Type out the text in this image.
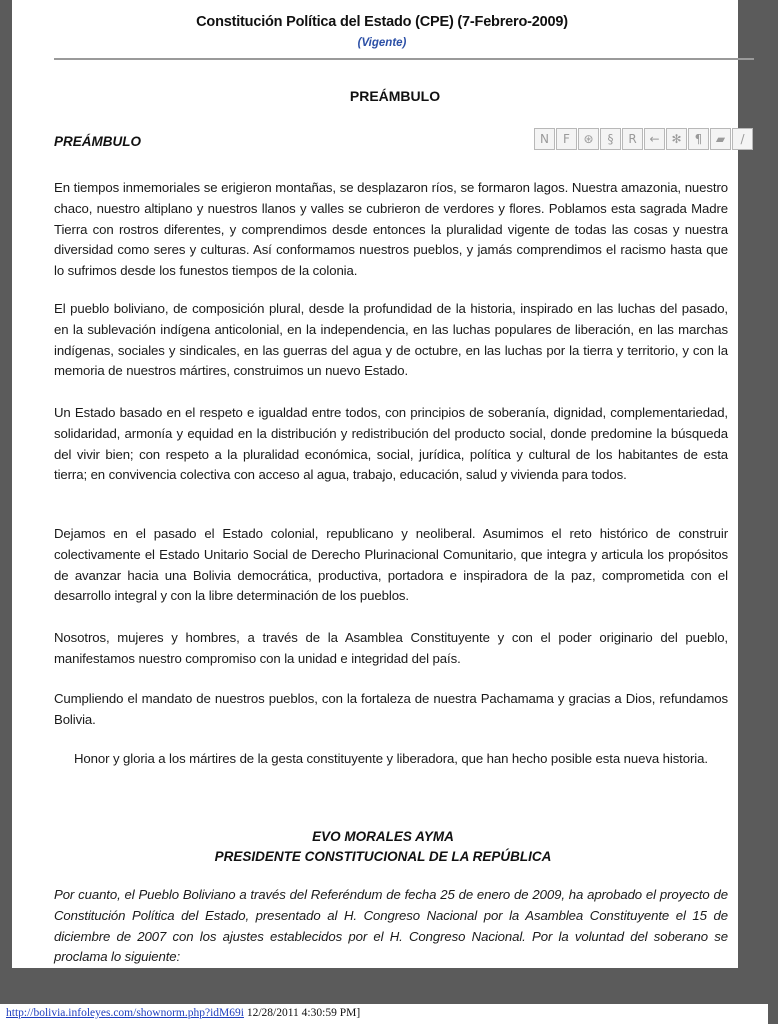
Constitución Política del Estado (CPE) (7-Febrero-2009)
(Vigente)
PREÁMBULO
PREÁMBULO	N	F	⊛	§	R	← ✻	¶	▰	/
En tiempos inmemoriales se erigieron montañas, se desplazaron ríos, se formaron lagos. Nuestra amazonia, nuestro chaco, nuestro altiplano y nuestros llanos y valles se cubrieron de verdores y flores. Poblamos esta sagrada Madre Tierra con rostros diferentes, y comprendimos desde entonces la pluralidad vigente de todas las cosas y nuestra diversidad como seres y culturas. Así conformamos nuestros pueblos, y jamás comprendimos el racismo hasta que lo sufrimos desde los funestos tiempos de la colonia.
El pueblo boliviano, de composición plural, desde la profundidad de la historia, inspirado en las luchas del pasado, en la sublevación indígena anticolonial, en la independencia, en las luchas populares de liberación, en las marchas indígenas, sociales y sindicales, en las guerras del agua y de octubre, en las luchas por la tierra y territorio, y con la memoria de nuestros mártires, construimos un nuevo Estado.
Un Estado basado en el respeto e igualdad entre todos, con principios de soberanía, dignidad, complementariedad, solidaridad, armonía y equidad en la distribución y redistribución del producto social, donde predomine la búsqueda del vivir bien; con respeto a la pluralidad económica, social, jurídica, política y cultural de los habitantes de esta tierra; en convivencia colectiva con acceso al agua, trabajo, educación, salud y vivienda para todos.
Dejamos en el pasado el Estado colonial, republicano y neoliberal. Asumimos el reto histórico de construir colectivamente el Estado Unitario Social de Derecho Plurinacional Comunitario, que integra y articula los propósitos de avanzar hacia una Bolivia democrática, productiva, portadora e inspiradora de la paz, comprometida con el desarrollo integral y con la libre determinación de los pueblos.
Nosotros, mujeres y hombres, a través de la Asamblea Constituyente y con el poder originario del pueblo, manifestamos nuestro compromiso con la unidad e integridad del país.
Cumpliendo el mandato de nuestros pueblos, con la fortaleza de nuestra Pachamama y gracias a Dios, refundamos Bolivia.
Honor y gloria a los mártires de la gesta constituyente y liberadora, que han hecho posible esta nueva historia.
EVO MORALES AYMA
PRESIDENTE CONSTITUCIONAL DE LA REPÚBLICA
Por cuanto, el Pueblo Boliviano a través del Referéndum de fecha 25 de enero de 2009, ha aprobado el proyecto de Constitución Política del Estado, presentado al H. Congreso Nacional por la Asamblea Constituyente el 15 de diciembre de 2007 con los ajustes establecidos por el H. Congreso Nacional. Por la voluntad del soberano se proclama lo siguiente:
http://bolivia.infoleyes.com/shownorm.php?idM69i 12/28/2011 4:30:59 PM]
